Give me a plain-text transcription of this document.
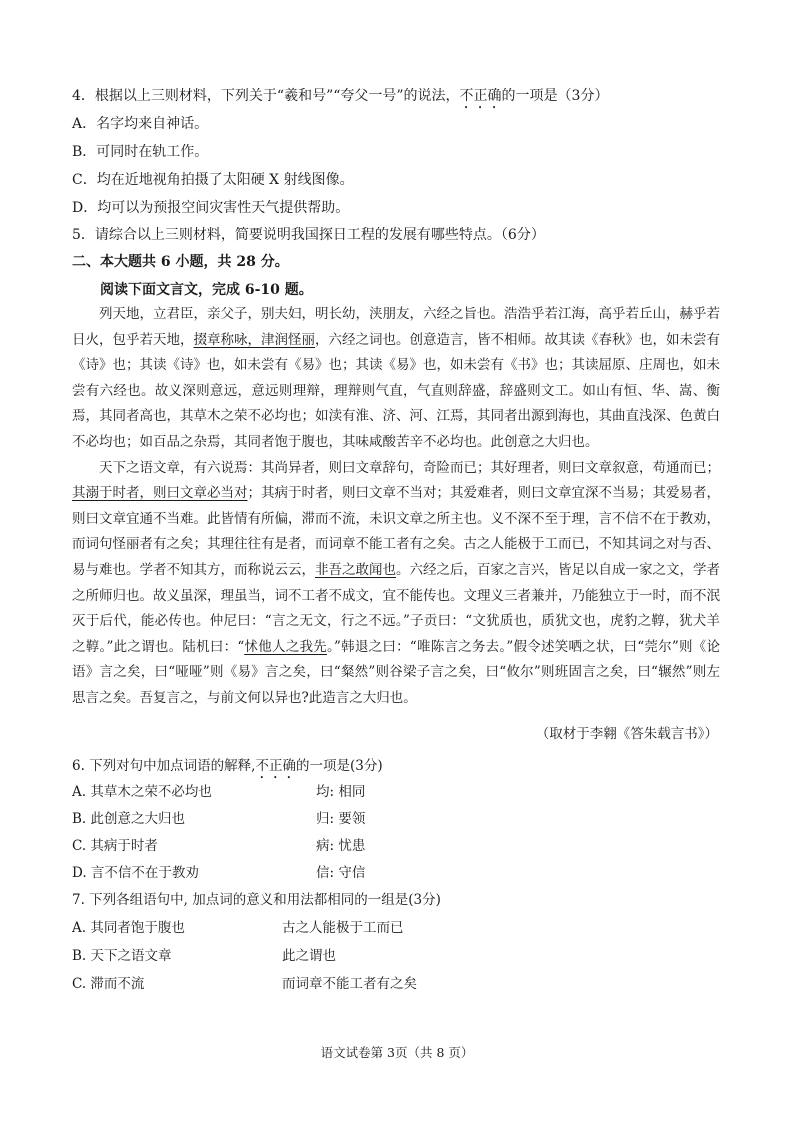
4．根据以上三则材料，下列关于“羲和号”“夸父一号”的说法，不正确的一项是（3分）
A．名字均来自神话。
B．可同时在轨工作。
C．均在近地视角拍摄了太阳硬 X 射线图像。
D．均可以为预报空间灾害性天气提供帮助。
5．请综合以上三则材料，简要说明我国探日工程的发展有哪些特点。（6分）
二、本大题共 6 小题，共 28 分。
阅读下面文言文，完成 6-10 题。

列天地，立君臣，亲父子，别夫妇，明长幼，浃朋友，六经之旨也。浩浩乎若江海，高乎若丘山，赫乎若日火，包乎若天地，掇章称咏，津润怪丽，六经之词也。创意造言，皆不相师。故其读《春秋》也，如未尝有《诗》也；其读《诗》也，如未尝有《易》也；其读《易》也，如未尝有《书》也；其读屈原、庄周也，如未尝有六经也。故义深则意远，意远则理辩，理辩则气直，气直则辞盛，辞盛则文工。如山有恒、华、嵩、衡焉，其同者高也，其草木之荣不必均也；如渎有淮、济、河、江焉，其同者出源到海也，其曲直浅深、色黄白不必均也；如百品之杂焉，其同者饱于腹也，其味咸酸苦辛不必均也。此创意之大归也。

天下之语文章，有六说焉：其尚异者，则曰文章辞句，奇险而已；其好理者，则曰文章叙意，苟通而已；其溺于时者，则曰文章必当对；其病于时者，则曰文章不当对；其爱难者，则曰文章宜深不当易；其爱易者，则曰文章宜通不当难。此皆情有所偏，滞而不流，未识文章之所主也。义不深不至于理，言不信不在于教劝，而词句怪丽者有之矣；其理往往有是者，而词章不能工者有之矣。古之人能极于工而已，不知其词之对与否、易与难也。学者不知其方，而称说云云，非吾之敢闻也。六经之后，百家之言兴，皆足以自成一家之文，学者之所师归也。故义虽深，理虽当，词不工者不成文，宜不能传也。文理义三者兼并，乃能独立于一时，而不泯灭于后代，能必传也。仲尼曰：“言之无文，行之不远。”子贡曰：“文犹质也，质犹文也，虎豹之鞟，犹犬羊之鞟。”此之谓也。陆机曰：“怵他人之我先。”韩退之曰：“唯陈言之务去。”假令述笑哂之状，曰“莞尔”则《论语》言之矣，曰“哑哑”则《易》言之矣，曰“粲然”则谷梁子言之矣，曰“攸尔”则班固言之矣，曰“辗然”则左思言之矣。吾复言之，与前文何以异也?此造言之大归也。

（取材于李翱《答朱载言书》）
6. 下列对句中加点词语的解释,不正确的一项是(3分)
A. 其草木之荣不必均也	均: 相同
B. 此创意之大归也	归: 要领
C. 其病于时者	病: 忧患
D. 言不信不在于教劝	信: 守信
7. 下列各组语句中, 加点词的意义和用法都相同的一组是(3分)
A. 其同者饱于腹也	古之人能极于工而已
B. 天下之语文章	此之谓也
C. 滞而不流	而词章不能工者有之矣
语文试卷第 3页（共 8 页）
